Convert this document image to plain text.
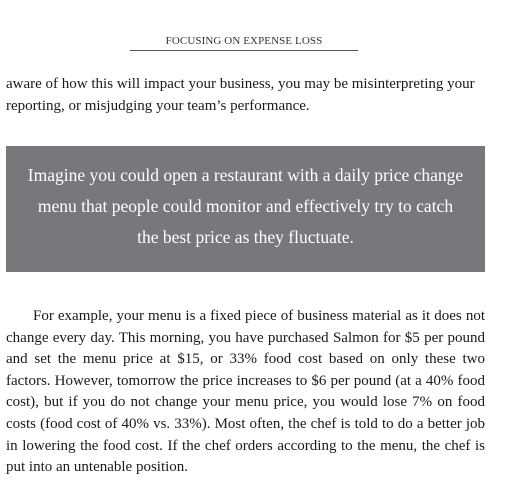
FOCUSING ON EXPENSE LOSS

aware of how this will impact your business, you may be misinterpreting your reporting, or misjudging your team’s performance.

Imagine you could open a restaurant with a daily price change
menu that people could monitor and effectively try to catch
the best price as they fluctuate.

For example, your menu is a fixed piece of business material as it does not change every day. This morning, you have purchased Salmon for $5 per pound and set the menu price at $15, or 33% food cost based on only these two factors. However, tomorrow the price increases to $6 per pound (at a 40% food cost), but if you do not change your menu price, you would lose 7% on food costs (food cost of 40% vs. 33%). Most often, the chef is told to do a better job in lowering the food cost. If the chef orders according to the menu, the chef is put into an untenable position.
